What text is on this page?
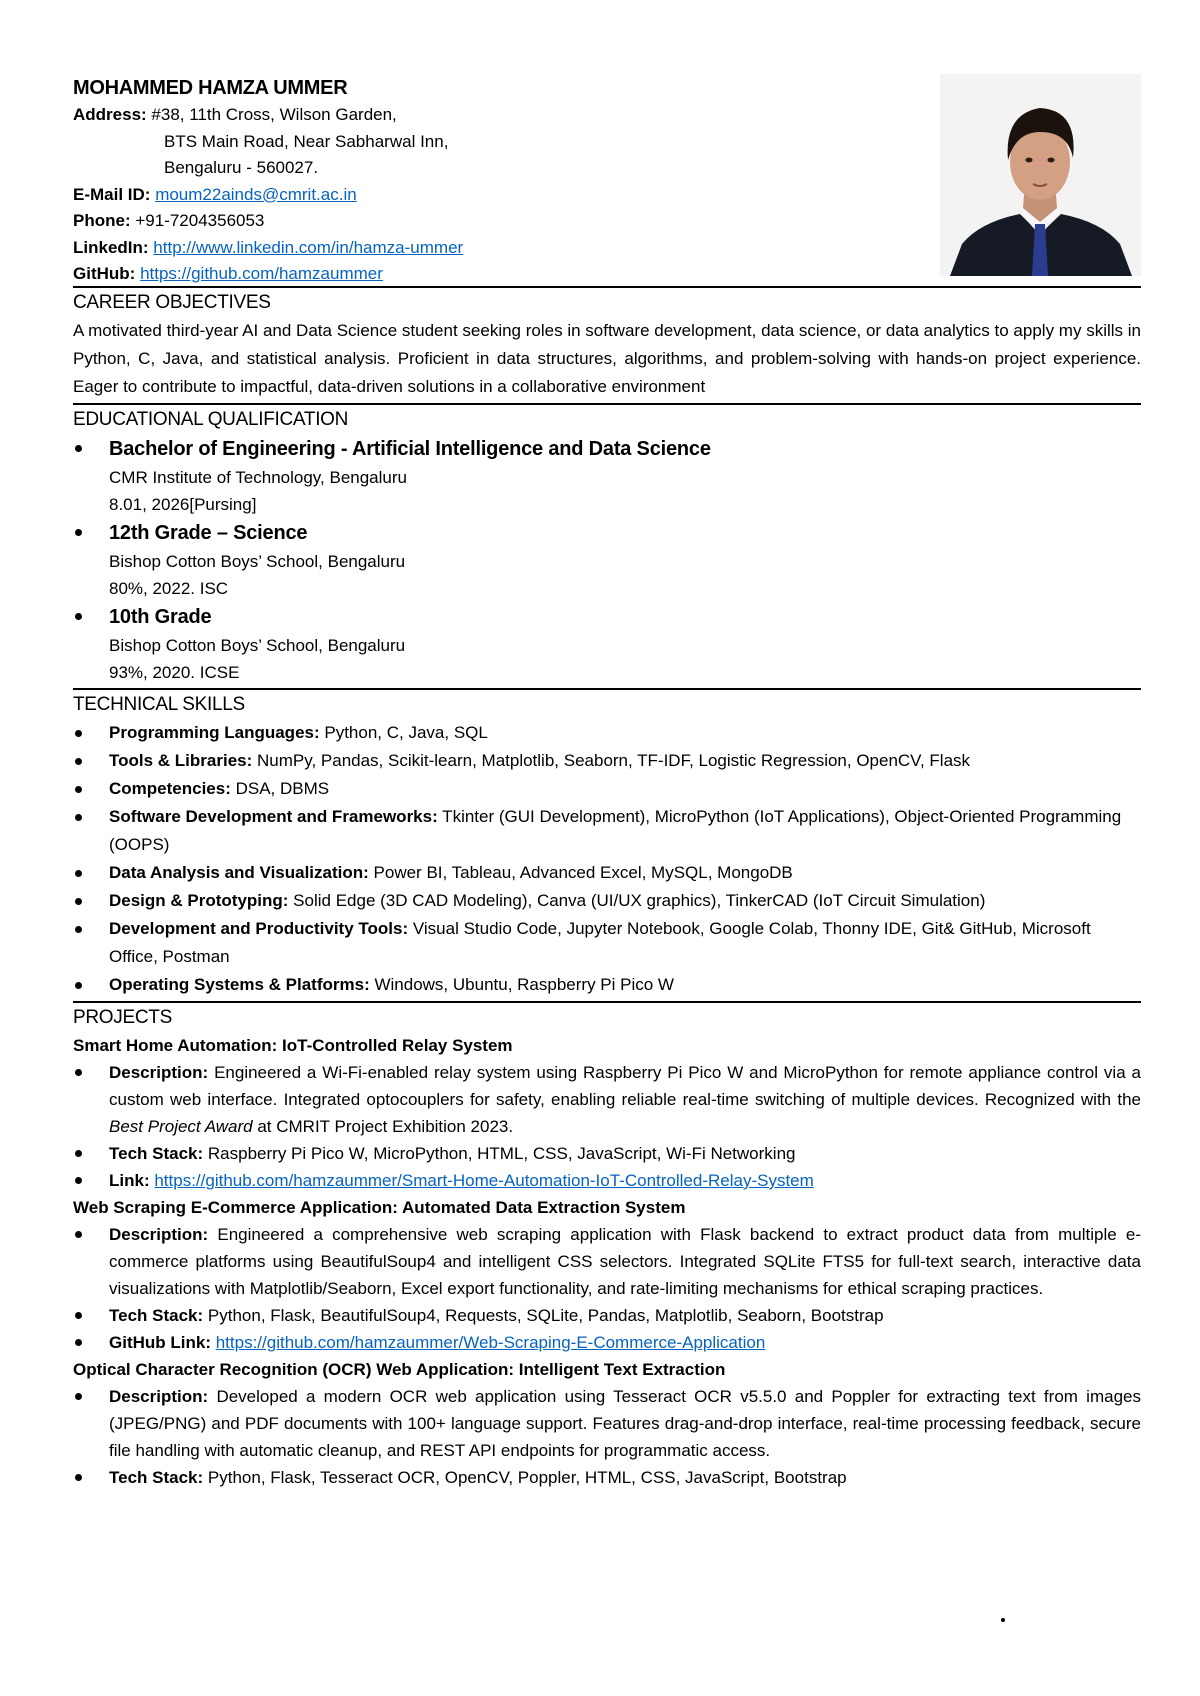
MOHAMMED HAMZA UMMER
Address: #38, 11th Cross, Wilson Garden,
BTS Main Road, Near Sabharwal Inn,
Bengaluru - 560027.
E-Mail ID: moum22ainds@cmrit.ac.in
Phone: +91-7204356053
LinkedIn: http://www.linkedin.com/in/hamza-ummer
GitHub: https://github.com/hamzaummer
CAREER OBJECTIVES

A motivated third-year AI and Data Science student seeking roles in software development, data science, or data analytics to apply my skills in Python, C, Java, and statistical analysis. Proficient in data structures, algorithms, and problem-solving with hands-on project experience. Eager to contribute to impactful, data-driven solutions in a collaborative environment

EDUCATIONAL QUALIFICATION
Bachelor of Engineering - Artificial Intelligence and Data Science
CMR Institute of Technology, Bengaluru
8.01, 2026[Pursing]
12th Grade – Science
Bishop Cotton Boys’ School, Bengaluru
80%, 2022. ISC
10th Grade
Bishop Cotton Boys’ School, Bengaluru
93%, 2020. ICSE
TECHNICAL SKILLS
Programming Languages: Python, C, Java, SQL
Tools & Libraries: NumPy, Pandas, Scikit-learn, Matplotlib, Seaborn, TF-IDF, Logistic Regression, OpenCV, Flask
Competencies: DSA, DBMS
Software Development and Frameworks: Tkinter (GUI Development), MicroPython (IoT Applications), Object-Oriented Programming (OOPS)
Data Analysis and Visualization: Power BI, Tableau, Advanced Excel, MySQL, MongoDB
Design & Prototyping: Solid Edge (3D CAD Modeling), Canva (UI/UX graphics), TinkerCAD (IoT Circuit Simulation)
Development and Productivity Tools: Visual Studio Code, Jupyter Notebook, Google Colab, Thonny IDE, Git& GitHub, Microsoft Office, Postman
Operating Systems & Platforms: Windows, Ubuntu, Raspberry Pi Pico W
PROJECTS
Smart Home Automation: IoT-Controlled Relay System
Description: Engineered a Wi-Fi-enabled relay system using Raspberry Pi Pico W and MicroPython for remote appliance control via a custom web interface. Integrated optocouplers for safety, enabling reliable real-time switching of multiple devices. Recognized with the Best Project Award at CMRIT Project Exhibition 2023.
Tech Stack: Raspberry Pi Pico W, MicroPython, HTML, CSS, JavaScript, Wi-Fi Networking
Link: https://github.com/hamzaummer/Smart-Home-Automation-IoT-Controlled-Relay-System
Web Scraping E-Commerce Application: Automated Data Extraction System
Description: Engineered a comprehensive web scraping application with Flask backend to extract product data from multiple e-commerce platforms using BeautifulSoup4 and intelligent CSS selectors. Integrated SQLite FTS5 for full-text search, interactive data visualizations with Matplotlib/Seaborn, Excel export functionality, and rate-limiting mechanisms for ethical scraping practices.
Tech Stack: Python, Flask, BeautifulSoup4, Requests, SQLite, Pandas, Matplotlib, Seaborn, Bootstrap
GitHub Link: https://github.com/hamzaummer/Web-Scraping-E-Commerce-Application
Optical Character Recognition (OCR) Web Application: Intelligent Text Extraction
Description: Developed a modern OCR web application using Tesseract OCR v5.5.0 and Poppler for extracting text from images (JPEG/PNG) and PDF documents with 100+ language support. Features drag-and-drop interface, real-time processing feedback, secure file handling with automatic cleanup, and REST API endpoints for programmatic access.
Tech Stack: Python, Flask, Tesseract OCR, OpenCV, Poppler, HTML, CSS, JavaScript, Bootstrap
